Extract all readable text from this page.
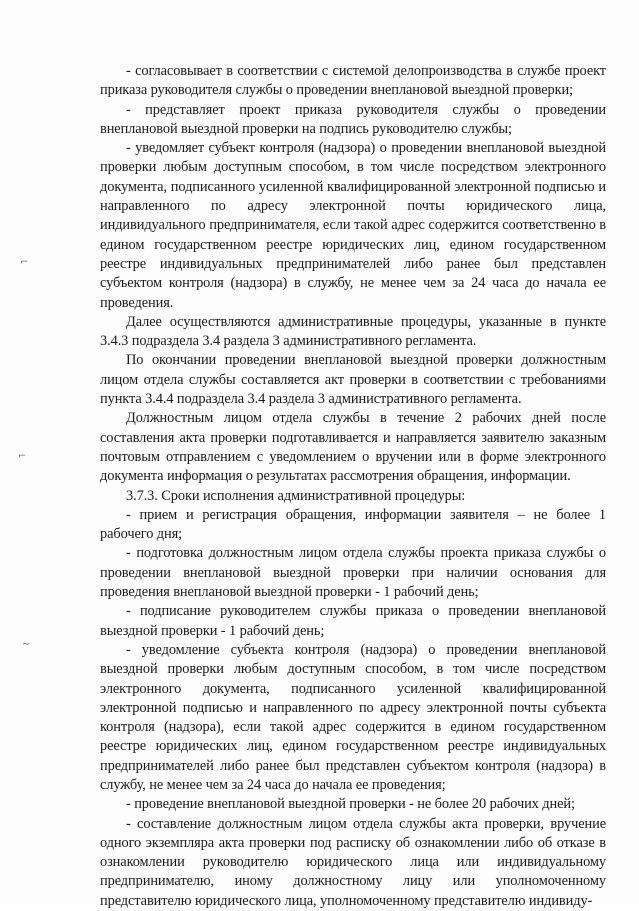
- согласовывает в соответствии с системой делопроизводства в службе проект приказа руководителя службы о проведении внеплановой выездной проверки;

- представляет проект приказа руководителя службы о проведении внеплановой выездной проверки на подпись руководителю службы;

- уведомляет субъект контроля (надзора) о проведении внеплановой выездной проверки любым доступным способом, в том числе посредством электронного документа, подписанного усиленной квалифицированной электронной подписью и направленного по адресу электронной почты юридического лица, индивидуального предпринимателя, если такой адрес содержится соответственно в едином государственном реестре юридических лиц, едином государственном реестре индивидуальных предпринимателей либо ранее был представлен субъектом контроля (надзора) в службу, не менее чем за 24 часа до начала ее проведения.

Далее осуществляются административные процедуры, указанные в пункте 3.4.3 подраздела 3.4 раздела 3 административного регламента.

По окончании проведении внеплановой выездной проверки должностным лицом отдела службы составляется акт проверки в соответствии с требованиями пункта 3.4.4 подраздела 3.4 раздела 3 административного регламента.

Должностным лицом отдела службы в течение 2 рабочих дней после составления акта проверки подготавливается и направляется заявителю заказным почтовым отправлением с уведомлением о вручении или в форме электронного документа информация о результатах рассмотрения обращения, информации.

3.7.3. Сроки исполнения административной процедуры:

- прием и регистрация обращения, информации заявителя – не более 1 рабочего дня;

- подготовка должностным лицом отдела службы проекта приказа службы о проведении внеплановой выездной проверки при наличии основания для проведения внеплановой выездной проверки - 1 рабочий день;

- подписание руководителем службы приказа о проведении внеплановой выездной проверки - 1 рабочий день;

- уведомление субъекта контроля (надзора) о проведении внеплановой выездной проверки любым доступным способом, в том числе посредством электронного документа, подписанного усиленной квалифицированной электронной подписью и направленного по адресу электронной почты субъекта контроля (надзора), если такой адрес содержится в едином государственном реестре юридических лиц, едином государственном реестре индивидуальных предпринимателей либо ранее был представлен субъектом контроля (надзора) в службу, не менее чем за 24 часа до начала ее проведения;

- проведение внеплановой выездной проверки - не более 20 рабочих дней;

- составление должностным лицом отдела службы акта проверки, вручение одного экземпляра акта проверки под расписку об ознакомлении либо об отказе в ознакомлении руководителю юридического лица или индивидуальному предпринимателю, иному должностному лицу или уполномоченному представителю юридического лица, уполномоченному представителю индивиду-

⌐
⌐
~
